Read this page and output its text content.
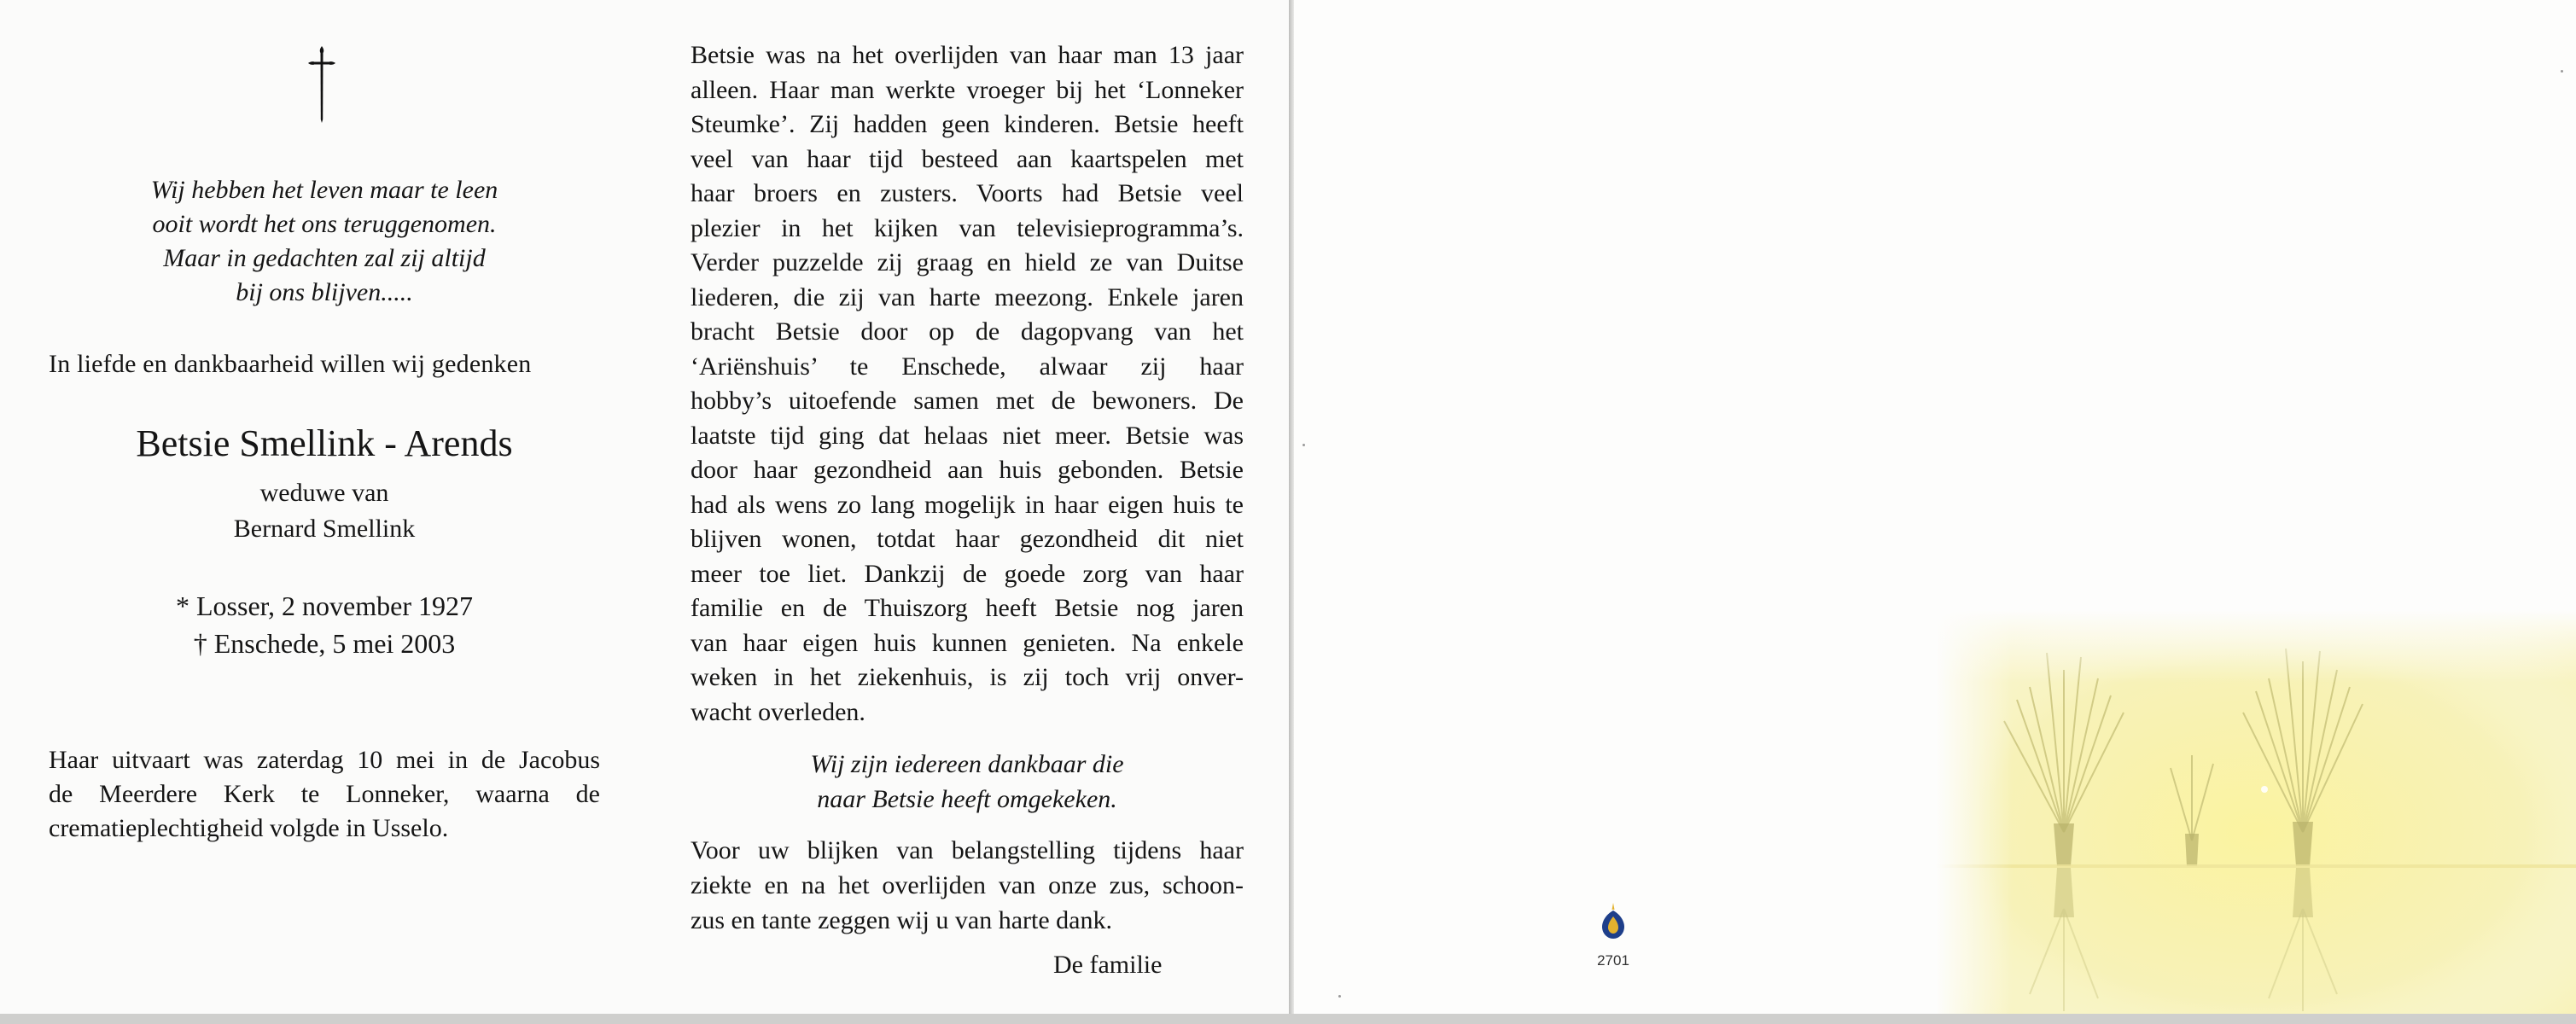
Wij hebben het leven maar te leen
ooit wordt het ons teruggenomen.
Maar in gedachten zal zij altijd
bij ons blijven.....
In liefde en dankbaarheid willen wij gedenken
Betsie Smellink - Arends
weduwe van
Bernard Smellink
* Losser, 2 november 1927
† Enschede, 5 mei 2003
Haar uitvaart was zaterdag 10 mei in de Jacobus
de Meerdere Kerk te Lonneker, waarna de
crematieplechtigheid volgde in Usselo.
Betsie was na het overlijden van haar man 13 jaar
alleen. Haar man werkte vroeger bij het ‘Lonneker
Steumke’. Zij hadden geen kinderen. Betsie heeft
veel van haar tijd besteed aan kaartspelen met
haar broers en zusters. Voorts had Betsie veel
plezier in het kijken van televisieprogramma’s.
Verder puzzelde zij graag en hield ze van Duitse
liederen, die zij van harte meezong. Enkele jaren
bracht Betsie door op de dagopvang van het
‘Ariënshuis’ te Enschede, alwaar zij haar
hobby’s uitoefende samen met de bewoners. De
laatste tijd ging dat helaas niet meer. Betsie was
door haar gezondheid aan huis gebonden. Betsie
had als wens zo lang mogelijk in haar eigen huis te
blijven wonen, totdat haar gezondheid dit niet
meer toe liet. Dankzij de goede zorg van haar
familie en de Thuiszorg heeft Betsie nog jaren
van haar eigen huis kunnen genieten. Na enkele
weken in het ziekenhuis, is zij toch vrij onver-
wacht overleden.
Wij zijn iedereen dankbaar die
naar Betsie heeft omgekeken.
Voor uw blijken van belangstelling tijdens haar
ziekte en na het overlijden van onze zus, schoon-
zus en tante zeggen wij u van harte dank.
De familie	2701
